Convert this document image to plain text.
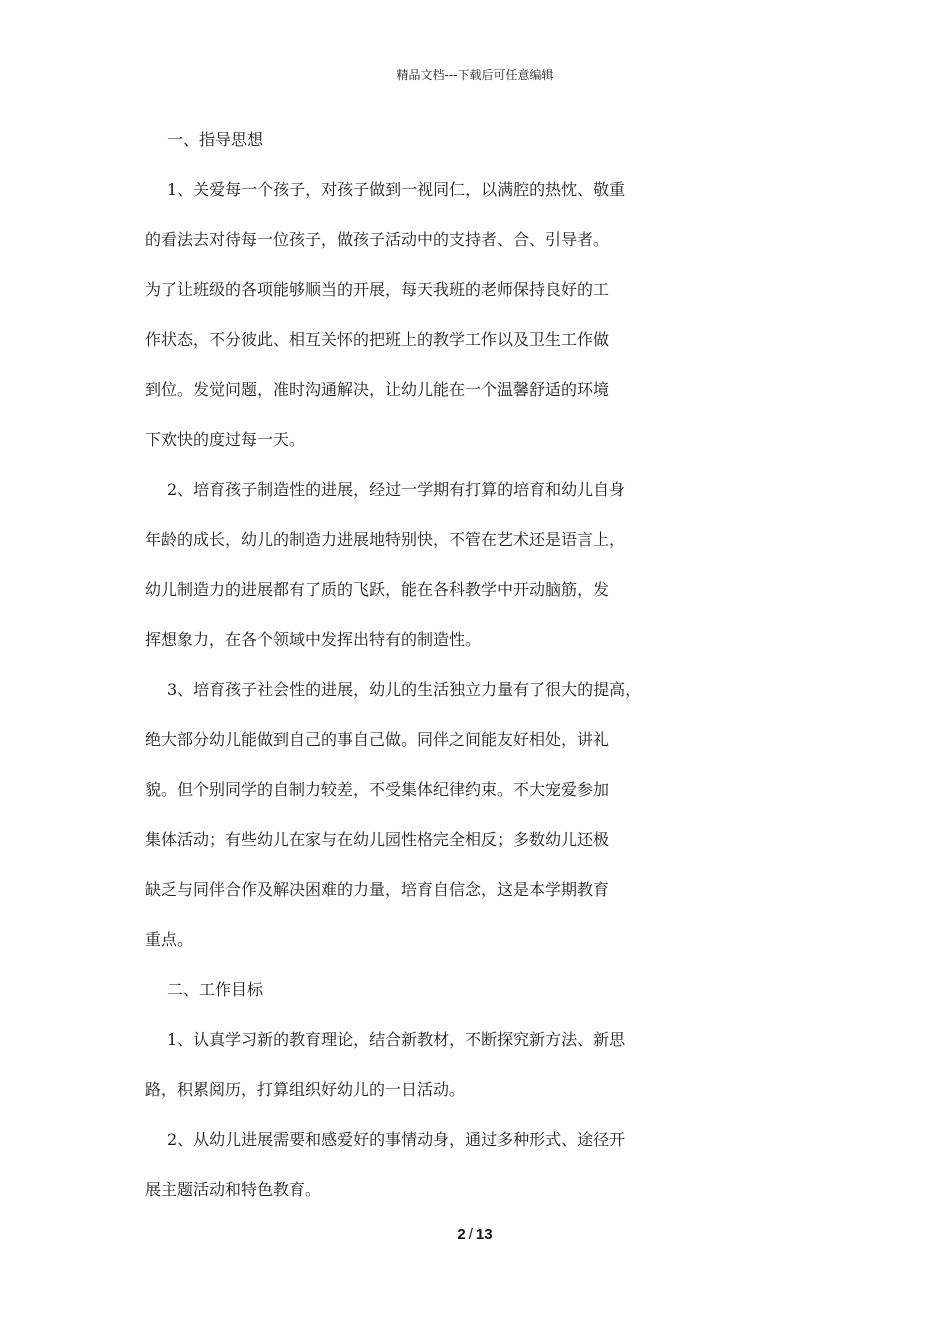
精品文档---下载后可任意编辑
一、指导思想
1、关爱每一个孩子，对孩子做到一视同仁，以满腔的热忱、敬重
的看法去对待每一位孩子，做孩子活动中的支持者、合、引导者。
为了让班级的各项能够顺当的开展，每天我班的老师保持良好的工
作状态，不分彼此、相互关怀的把班上的教学工作以及卫生工作做
到位。发觉问题，准时沟通解决，让幼儿能在一个温馨舒适的环境
下欢快的度过每一天。
2、培育孩子制造性的进展，经过一学期有打算的培育和幼儿自身
年龄的成长，幼儿的制造力进展地特别快，不管在艺术还是语言上，
幼儿制造力的进展都有了质的飞跃，能在各科教学中开动脑筋，发
挥想象力，在各个领域中发挥出特有的制造性。
3、培育孩子社会性的进展，幼儿的生活独立力量有了很大的提高，
绝大部分幼儿能做到自己的事自己做。同伴之间能友好相处，讲礼
貌。但个别同学的自制力较差，不受集体纪律约束。不大宠爱参加
集体活动；有些幼儿在家与在幼儿园性格完全相反；多数幼儿还极
缺乏与同伴合作及解决困难的力量，培育自信念，这是本学期教育
重点。
二、工作目标
1、认真学习新的教育理论，结合新教材，不断探究新方法、新思
路，积累阅历，打算组织好幼儿的一日活动。
2、从幼儿进展需要和感爱好的事情动身，通过多种形式、途径开
展主题活动和特色教育。
2 / 13
